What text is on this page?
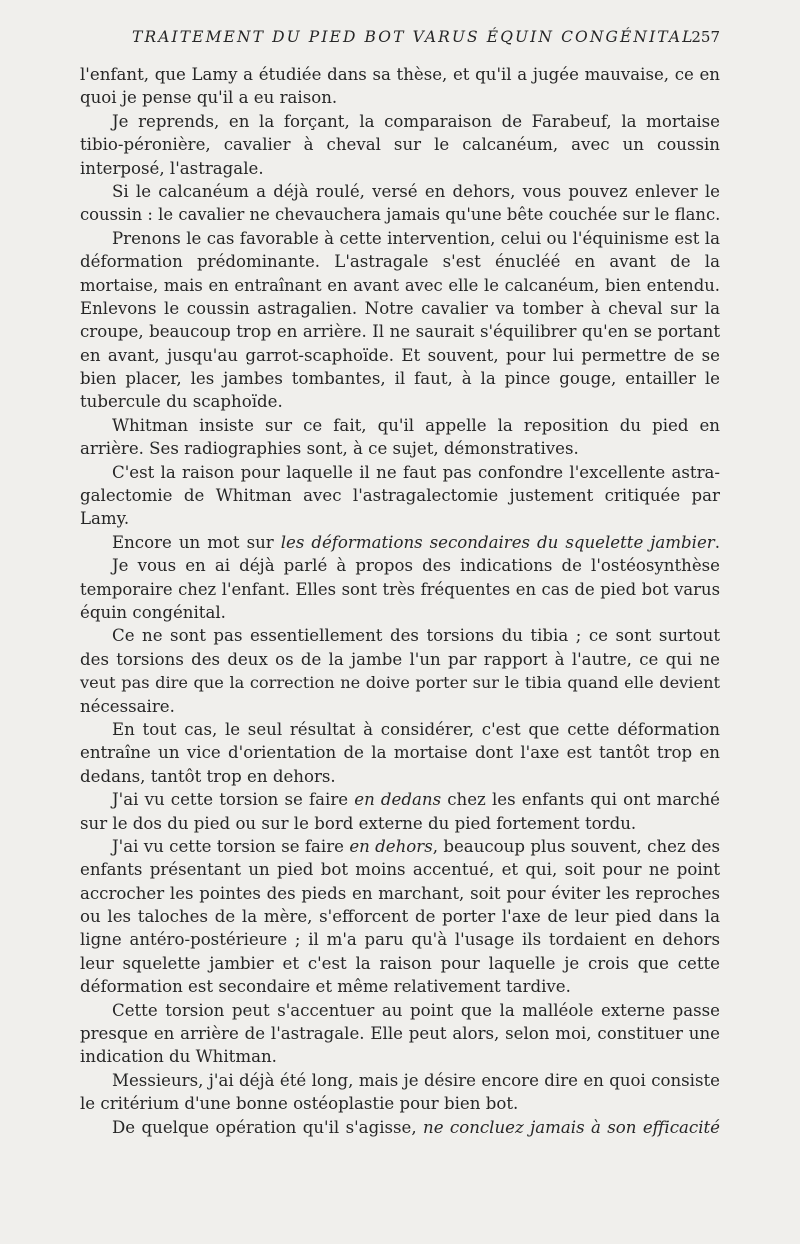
TRAITEMENT DU PIED BOT VARUS ÉQUIN CONGÉNITAL
257
l'enfant, que Lamy a étudiée dans sa thèse, et qu'il a jugée mauvaise, ce en
quoi je pense qu'il a eu raison.
Je reprends, en la forçant, la comparaison de Farabeuf, la mortaise
tibio-péronière, cavalier à cheval sur le calcanéum, avec un coussin
interposé, l'astragale.
Si le calcanéum a déjà roulé, versé en dehors, vous pouvez enlever le
coussin : le cavalier ne chevauchera jamais qu'une bête couchée sur le flanc.
Prenons le cas favorable à cette intervention, celui ou l'équinisme est la
déformation prédominante. L'astragale s'est énucléé en avant de la
mortaise, mais en entraînant en avant avec elle le calcanéum, bien entendu.
Enlevons le coussin astragalien. Notre cavalier va tomber à cheval sur la
croupe, beaucoup trop en arrière. Il ne saurait s'équilibrer qu'en se portant
en avant, jusqu'au garrot-scaphoïde. Et souvent, pour lui permettre de se
bien placer, les jambes tombantes, il faut, à la pince gouge, entailler le
tubercule du scaphoïde.
Whitman insiste sur ce fait, qu'il appelle la reposition du pied en
arrière. Ses radiographies sont, à ce sujet, démonstratives.
C'est la raison pour laquelle il ne faut pas confondre l'excellente astra-
galectomie de Whitman avec l'astragalectomie justement critiquée par
Lamy.
Encore un mot sur les déformations secondaires du squelette jambier.
Je vous en ai déjà parlé à propos des indications de l'ostéosynthèse
temporaire chez l'enfant. Elles sont très fréquentes en cas de pied bot varus
équin congénital.
Ce ne sont pas essentiellement des torsions du tibia ; ce sont surtout
des torsions des deux os de la jambe l'un par rapport à l'autre, ce qui ne
veut pas dire que la correction ne doive porter sur le tibia quand elle devient
nécessaire.
En tout cas, le seul résultat à considérer, c'est que cette déformation
entraîne un vice d'orientation de la mortaise dont l'axe est tantôt trop en
dedans, tantôt trop en dehors.
J'ai vu cette torsion se faire en dedans chez les enfants qui ont marché
sur le dos du pied ou sur le bord externe du pied fortement tordu.
J'ai vu cette torsion se faire en dehors, beaucoup plus souvent, chez des
enfants présentant un pied bot moins accentué, et qui, soit pour ne point
accrocher les pointes des pieds en marchant, soit pour éviter les reproches
ou les taloches de la mère, s'efforcent de porter l'axe de leur pied dans la
ligne antéro-postérieure ; il m'a paru qu'à l'usage ils tordaient en dehors
leur squelette jambier et c'est la raison pour laquelle je crois que cette
déformation est secondaire et même relativement tardive.
Cette torsion peut s'accentuer au point que la malléole externe passe
presque en arrière de l'astragale. Elle peut alors, selon moi, constituer une
indication du Whitman.
Messieurs, j'ai déjà été long, mais je désire encore dire en quoi consiste
le critérium d'une bonne ostéoplastie pour bien bot.
De quelque opération qu'il s'agisse, ne concluez jamais à son efficacité
